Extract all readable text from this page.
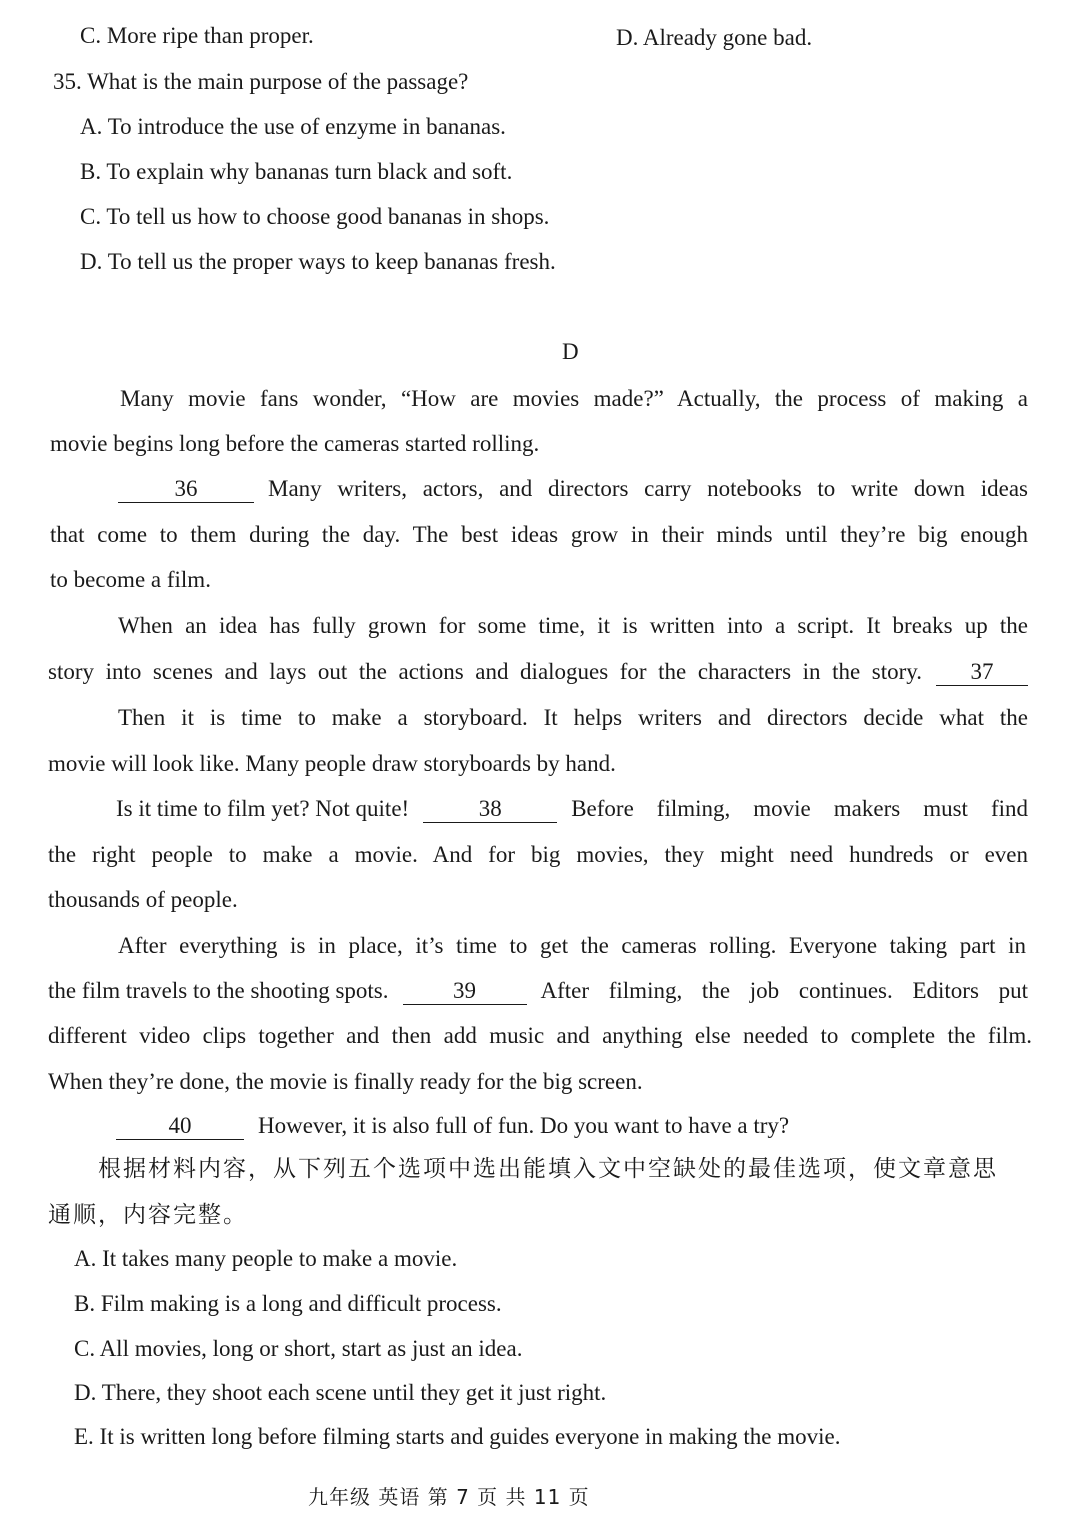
C. More ripe than proper.	D. Already gone bad.
35. What is the main purpose of the passage?
A. To introduce the use of enzyme in bananas.
B. To explain why bananas turn black and soft.
C. To tell us how to choose good bananas in shops.
D. To tell us the proper ways to keep bananas fresh.
D
Many movie fans wonder, “How are movies made?” Actually, the process of making a
movie begins long before the cameras started rolling.
36	Many writers, actors, and directors carry notebooks to write down ideas
that come to them during the day. The best ideas grow in their minds until they’re big enough
to become a film.
When an idea has fully grown for some time, it is written into a script. It breaks up the
story into scenes and lays out the actions and dialogues for the characters in the story.	37
Then it is time to make a storyboard. It helps writers and directors decide what the
movie will look like. Many people draw storyboards by hand.
Is it time to film yet? Not quite!	38	Before filming, movie makers must find
the right people to make a movie. And for big movies, they might need hundreds or even
thousands of people.
After everything is in place, it’s time to get the cameras rolling. Everyone taking part in
the film travels to the shooting spots.	39	After filming, the job continues. Editors put
different video clips together and then add music and anything else needed to complete the film.
When they’re done, the movie is finally ready for the big screen.
40	However, it is also full of fun. Do you want to have a try?
根据材料内容，从下列五个选项中选出能填入文中空缺处的最佳选项，使文章意思
通顺，内容完整。
A. It takes many people to make a movie.
B. Film making is a long and difficult process.
C. All movies, long or short, start as just an idea.
D. There, they shoot each scene until they get it just right.
E. It is written long before filming starts and guides everyone in making the movie.
九年级 英语 第 7 页 共 11 页
